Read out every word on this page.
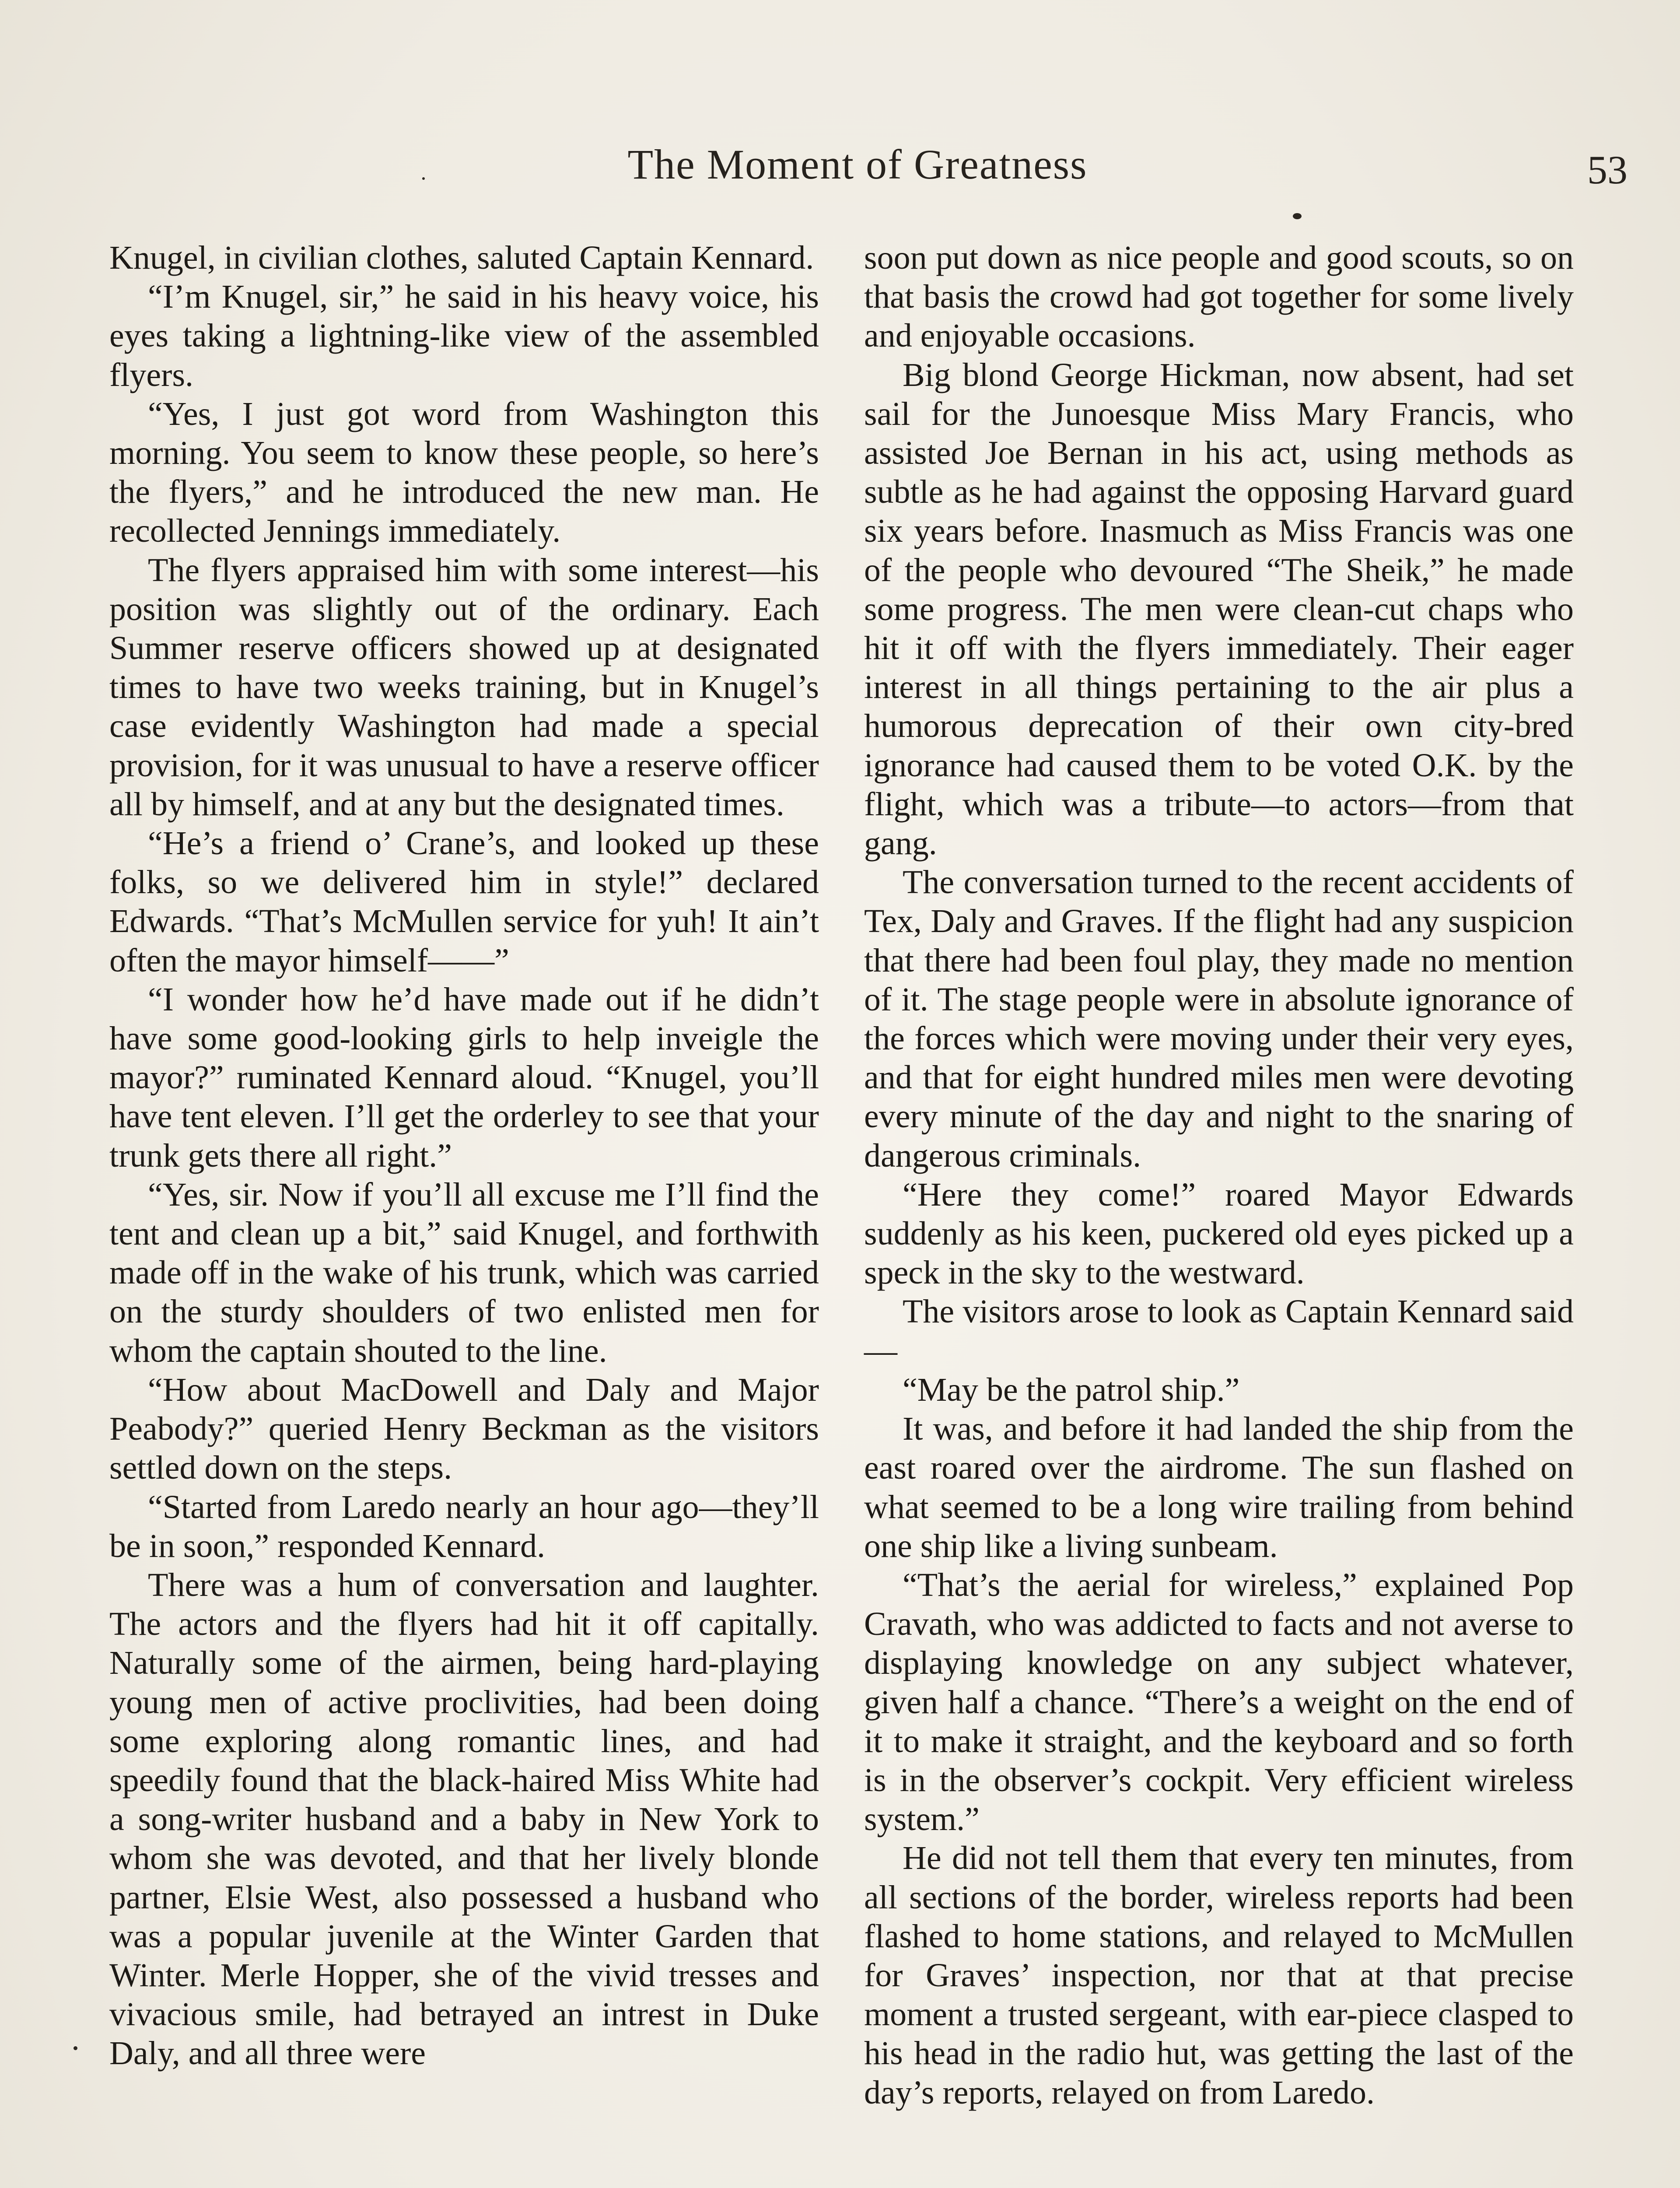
The Moment of Greatness	53

Knugel, in civilian clothes, saluted Captain Kennard.

“I’m Knugel, sir,” he said in his heavy voice, his eyes taking a lightning-like view of the assembled flyers.

“Yes, I just got word from Washington this morning. You seem to know these people, so here’s the flyers,” and he introduced the new man. He recollected Jennings immediately.

The flyers appraised him with some interest—his position was slightly out of the ordinary. Each Summer reserve officers showed up at designated times to have two weeks training, but in Knugel’s case evidently Washington had made a special provision, for it was unusual to have a reserve officer all by himself, and at any but the designated times.

“He’s a friend o’ Crane’s, and looked up these folks, so we delivered him in style!” declared Edwards. “That’s McMullen service for yuh! It ain’t often the mayor himself——”

“I wonder how he’d have made out if he didn’t have some good-looking girls to help inveigle the mayor?” ruminated Kennard aloud. “Knugel, you’ll have tent eleven. I’ll get the orderley to see that your trunk gets there all right.”

“Yes, sir. Now if you’ll all excuse me I’ll find the tent and clean up a bit,” said Knugel, and forthwith made off in the wake of his trunk, which was carried on the sturdy shoulders of two enlisted men for whom the captain shouted to the line.

“How about MacDowell and Daly and Major Peabody?” queried Henry Beckman as the visitors settled down on the steps.

“Started from Laredo nearly an hour ago—they’ll be in soon,” responded Kennard.

There was a hum of conversation and laughter. The actors and the flyers had hit it off capitally. Naturally some of the airmen, being hard-playing young men of active proclivities, had been doing some exploring along romantic lines, and had speedily found that the black-haired Miss White had a song-writer husband and a baby in New York to whom she was devoted, and that her lively blonde partner, Elsie West, also possessed a husband who was a popular juvenile at the Winter Garden that Winter. Merle Hopper, she of the vivid tresses and vivacious smile, had betrayed an intrest in Duke Daly, and all three were

soon put down as nice people and good scouts, so on that basis the crowd had got together for some lively and enjoyable occasions.

Big blond George Hickman, now absent, had set sail for the Junoesque Miss Mary Francis, who assisted Joe Bernan in his act, using methods as subtle as he had against the opposing Harvard guard six years before. Inasmuch as Miss Francis was one of the people who devoured “The Sheik,” he made some progress. The men were clean-cut chaps who hit it off with the flyers immediately. Their eager interest in all things pertaining to the air plus a humorous deprecation of their own city-bred ignorance had caused them to be voted O.K. by the flight, which was a tribute—to actors—from that gang.

The conversation turned to the recent accidents of Tex, Daly and Graves. If the flight had any suspicion that there had been foul play, they made no mention of it. The stage people were in absolute ignorance of the forces which were moving under their very eyes, and that for eight hundred miles men were devoting every minute of the day and night to the snaring of dangerous criminals.

“Here they come!” roared Mayor Edwards suddenly as his keen, puckered old eyes picked up a speck in the sky to the westward.

The visitors arose to look as Captain Kennard said—

“May be the patrol ship.”

It was, and before it had landed the ship from the east roared over the airdrome. The sun flashed on what seemed to be a long wire trailing from behind one ship like a living sunbeam.

“That’s the aerial for wireless,” explained Pop Cravath, who was addicted to facts and not averse to displaying knowledge on any subject whatever, given half a chance. “There’s a weight on the end of it to make it straight, and the keyboard and so forth is in the observer’s cockpit. Very efficient wireless system.”

He did not tell them that every ten minutes, from all sections of the border, wireless reports had been flashed to home stations, and relayed to McMullen for Graves’ inspection, nor that at that precise moment a trusted sergeant, with ear-piece clasped to his head in the radio hut, was getting the last of the day’s reports, relayed on from Laredo.
